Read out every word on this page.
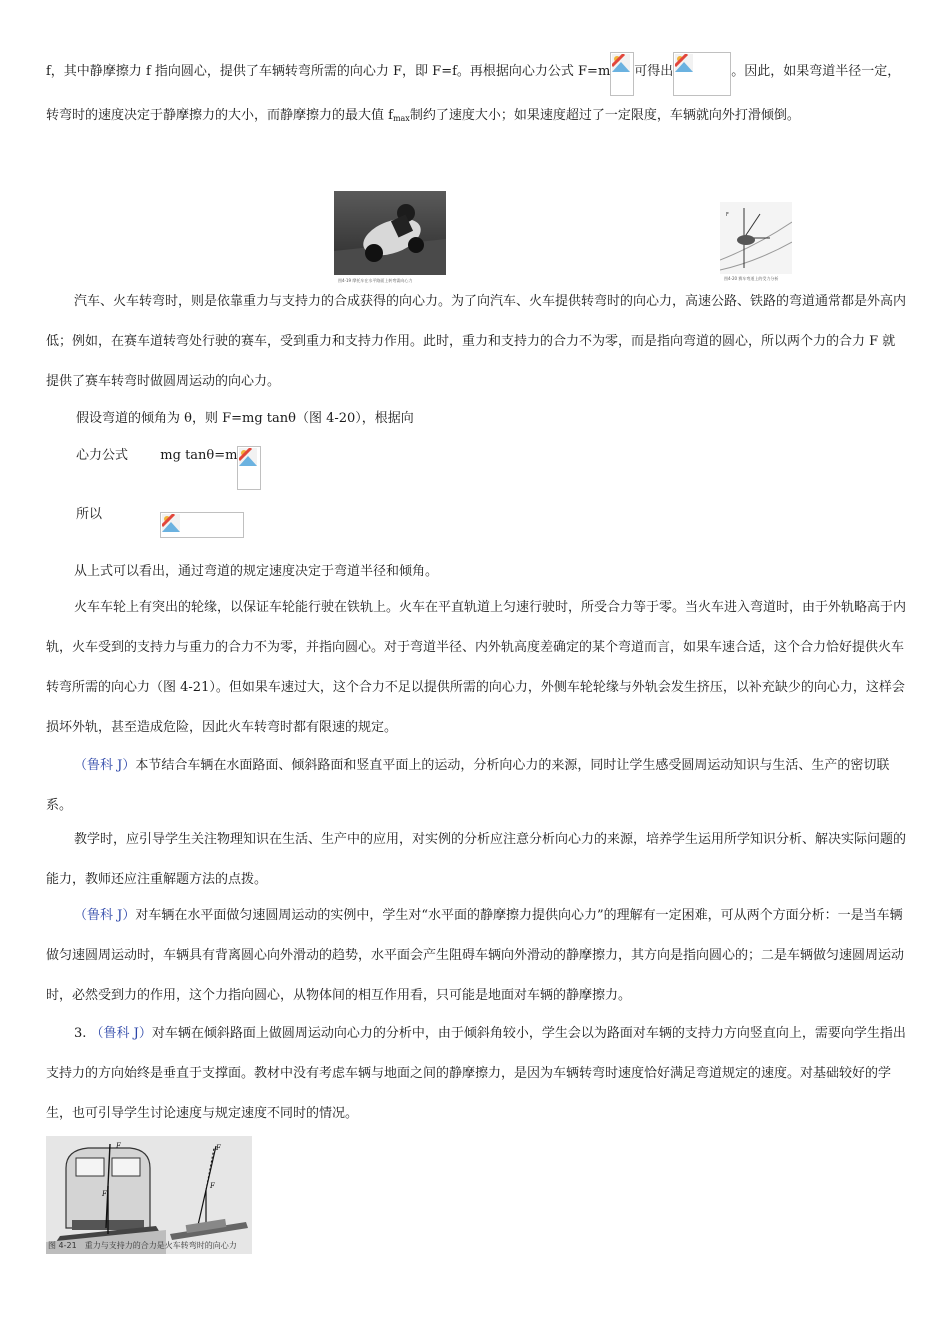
f，其中静摩擦力 f 指向圆心，提供了车辆转弯所需的向心力 F，即 F=f。再根据向心力公式 F=m 可得出	。因此，如果弯道半径一定，转弯时的速度决定于静摩擦力的大小，而静摩擦力的最大值 $f_{max}$制约了速度大小；如果速度超过了一定限度，车辆就向外打滑倾倒。

图4-19 摩托车在水平路面上转弯需向心力
F
图4-20 赛车弯道上的受力分析

汽车、火车转弯时，则是依靠重力与支持力的合成获得的向心力。为了向汽车、火车提供转弯时的向心力，高速公路、铁路的弯道通常都是外高内低；例如，在赛车道转弯处行驶的赛车，受到重力和支持力作用。此时，重力和支持力的合力不为零，而是指向弯道的圆心，所以两个力的合力 F 就提供了赛车转弯时做圆周运动的向心力。

假设弯道的倾角为 θ，则 F=mg tanθ（图 4-20），根据向

心力公式 mg tanθ=m
所以

从上式可以看出，通过弯道的规定速度决定于弯道半径和倾角。

火车车轮上有突出的轮缘，以保证车轮能行驶在铁轨上。火车在平直轨道上匀速行驶时，所受合力等于零。当火车进入弯道时，由于外轨略高于内轨，火车受到的支持力与重力的合力不为零，并指向圆心。对于弯道半径、内外轨高度差确定的某个弯道而言，如果车速合适，这个合力恰好提供火车转弯所需的向心力（图 4-21）。但如果车速过大，这个合力不足以提供所需的向心力，外侧车轮轮缘与外轨会发生挤压，以补充缺少的向心力，这样会损坏外轨，甚至造成危险，因此火车转弯时都有限速的规定。

（鲁科 J）本节结合车辆在水面路面、倾斜路面和竖直平面上的运动，分析向心力的来源，同时让学生感受圆周运动知识与生活、生产的密切联系。

教学时，应引导学生关注物理知识在生活、生产中的应用，对实例的分析应注意分析向心力的来源，培养学生运用所学知识分析、解决实际问题的能力，教师还应注重解题方法的点拨。

（鲁科 J）对车辆在水平面做匀速圆周运动的实例中，学生对“水平面的静摩擦力提供向心力”的理解有一定困难，可从两个方面分析：一是当车辆做匀速圆周运动时，车辆具有背离圆心向外滑动的趋势，水平面会产生阻碍车辆向外滑动的静摩擦力，其方向是指向圆心的；二是车辆做匀速圆周运动时，必然受到力的作用，这个力指向圆心，从物体间的相互作用看，只可能是地面对车辆的静摩擦力。

3. （鲁科 J）对车辆在倾斜路面上做圆周运动向心力的分析中，由于倾斜角较小，学生会以为路面对车辆的支持力方向竖直向上，需要向学生指出支持力的方向始终是垂直于支撑面。教材中没有考虑车辆与地面之间的静摩擦力，是因为车辆转弯时速度恰好满足弯道规定的速度。对基础较好的学生，也可引导学生讨论速度与规定速度不同时的情况。

F
F
F
F
图 4-21　重力与支持力的合力是火车转弯时的向心力
